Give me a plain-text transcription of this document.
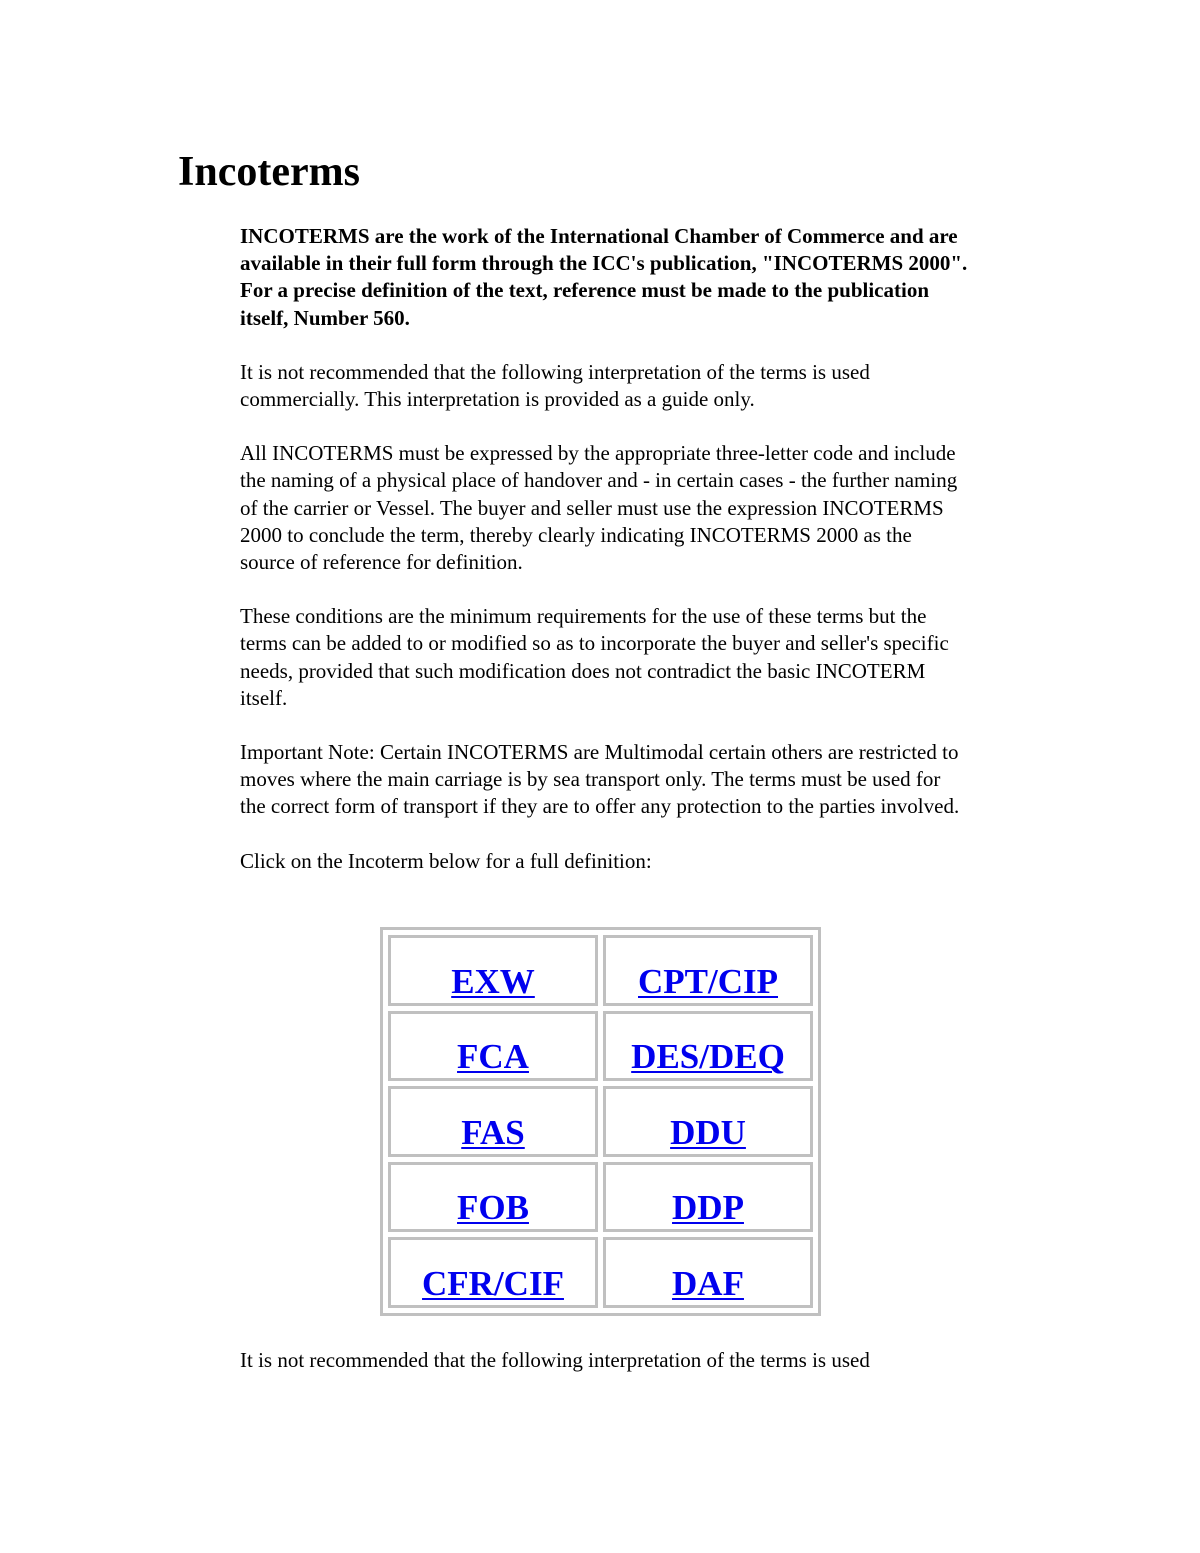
Incoterms

INCOTERMS are the work of the International Chamber of Commerce and are available in their full form through the ICC's publication, "INCOTERMS 2000". For a precise definition of the text, reference must be made to the publication itself, Number 560.

It is not recommended that the following interpretation of the terms is used commercially. This interpretation is provided as a guide only.

All INCOTERMS must be expressed by the appropriate three-letter code and include the naming of a physical place of handover and - in certain cases - the further naming of the carrier or Vessel. The buyer and seller must use the expression INCOTERMS 2000 to conclude the term, thereby clearly indicating INCOTERMS 2000 as the source of reference for definition.

These conditions are the minimum requirements for the use of these terms but the terms can be added to or modified so as to incorporate the buyer and seller's specific needs, provided that such modification does not contradict the basic INCOTERM itself.

Important Note: Certain INCOTERMS are Multimodal certain others are restricted to moves where the main carriage is by sea transport only. The terms must be used for the correct form of transport if they are to offer any protection to the parties involved.

Click on the Incoterm below for a full definition:

EXW	CPT/CIP
FCA	DES/DEQ
FAS	DDU
FOB	DDP
CFR/CIF	DAF

It is not recommended that the following interpretation of the terms is used
